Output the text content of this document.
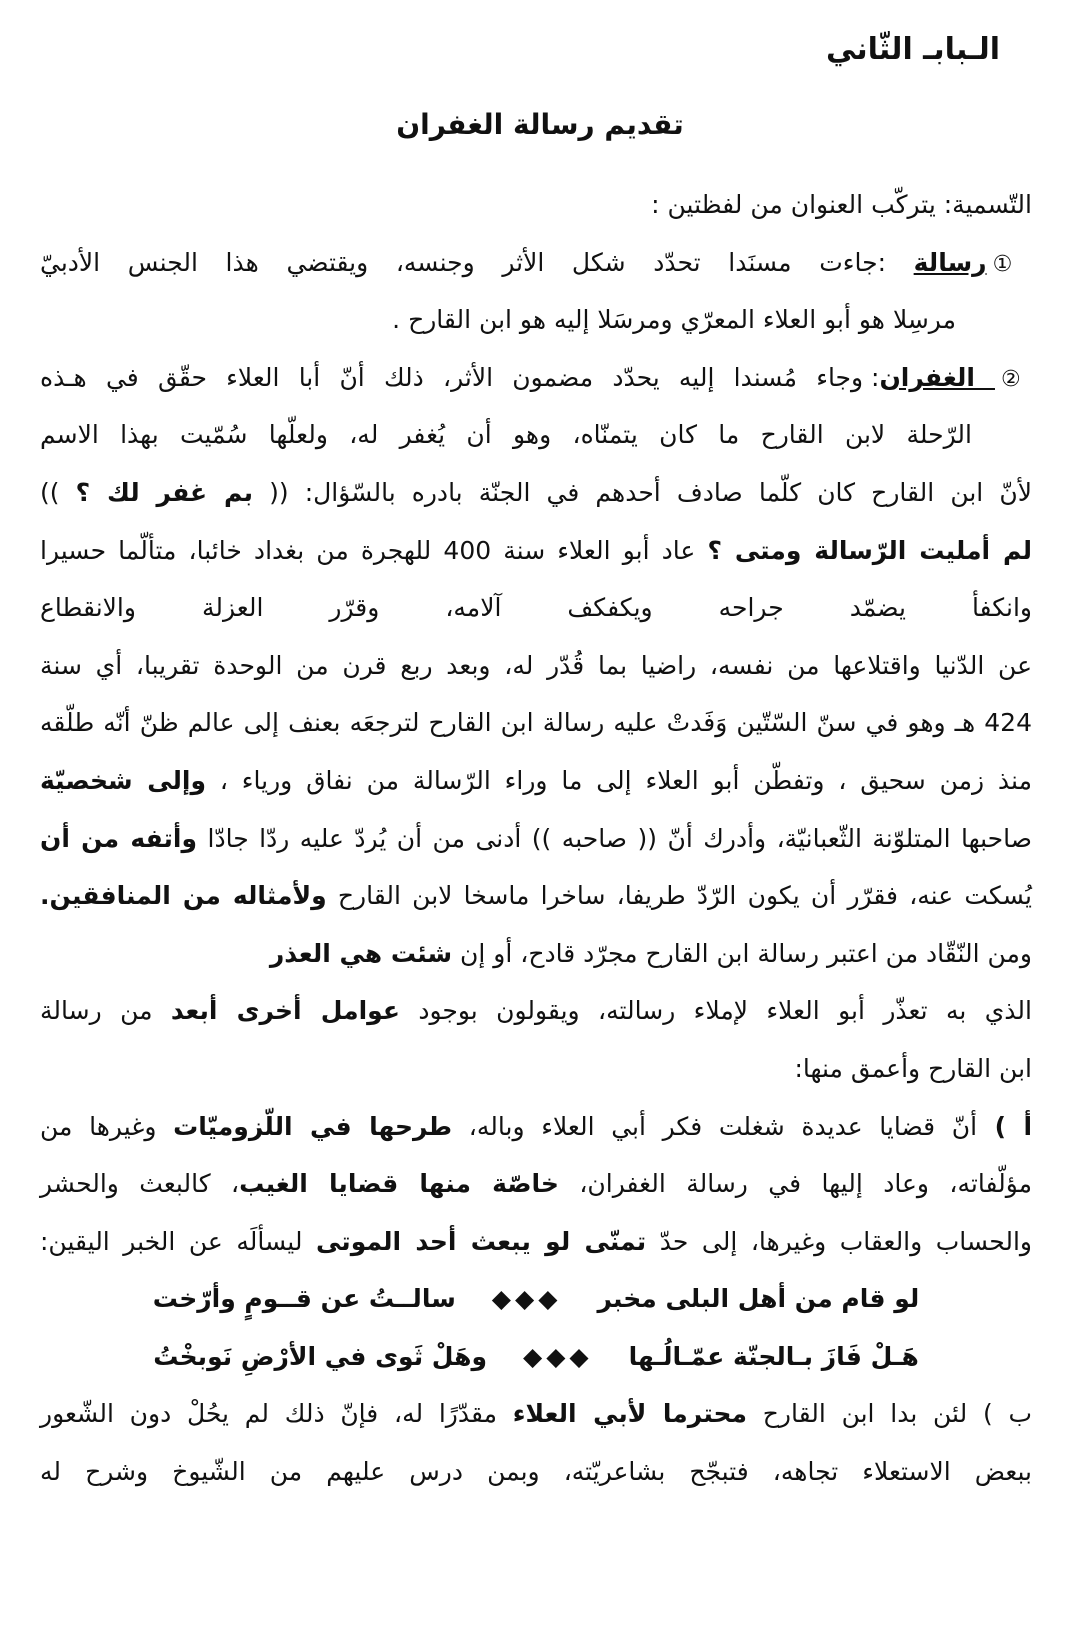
الـبابـ الثّاني
تقديم رسالة الغفران
التّسمية: يتركّب العنوان من لفظتين :
①رسالة :جاءت مسنَدا تحدّد شكل الأثر وجنسه، ويقتضي هذا الجنس الأدبيّ
مرسِلا هو أبو العلاء المعرّي ومرسَلا إليه هو ابن القارح .
② الغفران: وجاء مُسندا إليه يحدّد مضمون الأثر، ذلك أنّ أبا العلاء حقّق في هـذه
الرّحلة لابن القارح ما كان يتمنّاه، وهو أن يُغفر له، ولعلّها سُمّيت بهذا الاسم
لأنّ ابن القارح كان كلّما صادف أحدهم في الجنّة بادره بالسّؤال: (( بم غفر لك ؟ ))
لم أمليت الرّسالة ومتى ؟ عاد أبو العلاء سنة 400 للهجرة من بغداد خائبا، متألّما حسيرا
وانكفأ يضمّد جراحه ويكفكف آلامه، وقرّر العزلة والانقطاع
عن الدّنيا واقتلاعها من نفسه، راضيا بما قُدّر له، وبعد ربع قرن من الوحدة تقريبا، أي سنة
424 هـ وهو في سنّ السّتّين وَفَدتْ عليه رسالة ابن القارح لترجعَه بعنف إلى عالم ظنّ أنّه طلّقه
منذ زمن سحيق ، وتفطّن أبو العلاء إلى ما وراء الرّسالة من نفاق ورياء ، وإلى شخصيّة
صاحبها المتلوّنة الثّعبانيّة، وأدرك أنّ (( صاحبه )) أدنى من أن يُردّ عليه ردّا جادّا وأتفه من أن
يُسكت عنه، فقرّر أن يكون الرّدّ طريفا، ساخرا ماسخا لابن القارح ولأمثاله من المنافقين.
ومن النّقّاد من اعتبر رسالة ابن القارح مجرّد قادح، أو إن شئت هي العذر
الذي به تعذّر أبو العلاء لإملاء رسالته، ويقولون بوجود عوامل أخرى أبعد من رسالة
ابن القارح وأعمق منها:
أ ) أنّ قضايا عديدة شغلت فكر أبي العلاء وباله، طرحها في اللّزوميّات وغيرها من
مؤلّفاته، وعاد إليها في رسالة الغفران، خاصّة منها قضايا الغيب، كالبعث والحشر
والحساب والعقاب وغيرها، إلى حدّ تمنّى لو يبعث أحد الموتى ليسألَه عن الخبر اليقين:
لو قام من أهل البلى مخبر
◆◆◆
سالــتُ عن قــومٍ وأرّخت
هَـلْ فَازَ بـالجنّة عمّـالُـها
◆◆◆
وهَلْ ثَوى في الأرْضِ نَوبخْتُ
ب ) لئن بدا ابن القارح محترما لأبي العلاء مقدّرًا له، فإنّ ذلك لم يحُلْ دون الشّعور
ببعض الاستعلاء تجاهه، فتبجّح بشاعريّته، وبمن درس عليهم من الشّيوخ وشرح له
